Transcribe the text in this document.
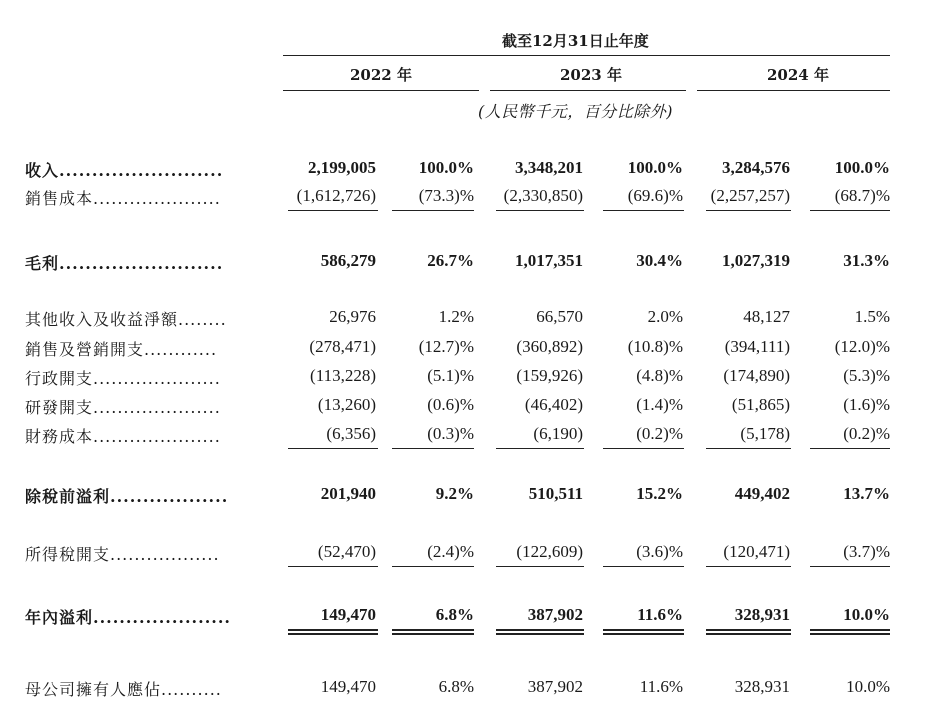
截至12月31日止年度
2022 年	2023 年	2024 年
(人民幣千元，百分比除外)
收入.........................	2,199,005	100.0% 3,348,201	100.0% 3,284,576	100.0%
銷售成本.....................	(1,612,726)	(73.3)% (2,330,850)	(69.6)% (2,257,257)	(68.7)%
毛利.........................	586,279	26.7% 1,017,351	30.4% 1,027,319	31.3%
其他收入及收益淨額........	26,976	1.2%	66,570	2.0%	48,127	1.5%
銷售及營銷開支............	(278,471)	(12.7)% (360,892)	(10.8)% (394,111)	(12.0)%
行政開支.....................	(113,228)	(5.1)% (159,926)	(4.8)% (174,890)	(5.3)%
研發開支.....................	(13,260)	(0.6)%	(46,402)	(1.4)%	(51,865)	(1.6)%
財務成本.....................	(6,356)	(0.3)%	(6,190)	(0.2)%	(5,178)	(0.2)%
除稅前溢利..................	201,940	9.2%	510,511	15.2%	449,402	13.7%
所得稅開支..................	(52,470)	(2.4)% (122,609)	(3.6)% (120,471)	(3.7)%
年內溢利.....................	149,470	6.8%	387,902	11.6%	328,931	10.0%
母公司擁有人應佔..........	149,470	6.8%	387,902	11.6%	328,931	10.0%
